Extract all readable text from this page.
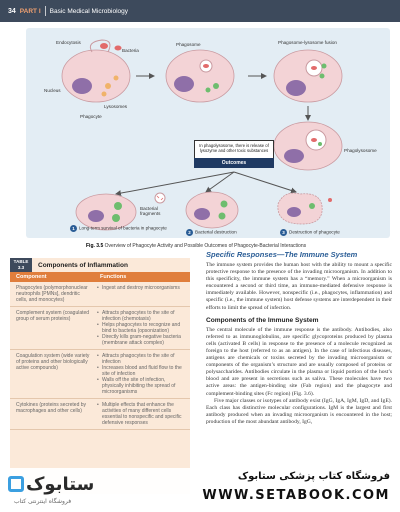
34 PART I Basic Medical Microbiology
Endocytosis
Bacteria
Phagosome	Phagosome-lysosome fusion
Nucleus
Lysosomes
Phagocyte
Phagolysosome
Bacterial
fragments
In phagolysosome, there is release of lysozyme and other toxic substances
Outcomes
1 Long-term survival of bacteria in phagocyte
2 Bacterial destruction	3 Destruction of phagocyte
Fig. 3.5 Overview of Phagocyte Activity and Possible Outcomes of Phagocyte-Bacterial Interactions
TABLE
3.3	Components of Inflammation
Component	Functions
Phagocytes (polymorphonuclear neutrophils [PMNs], dendritic cells, and monocytes)
• Ingest and destroy microorganisms
Complement system (coagulated group of serum proteins)
• Attracts phagocytes to the site of infection (chemotaxis)
• Helps phagocytes to recognize and bind to bacteria (opsonization)
• Directly kills gram-negative bacteria (membrane attack complex)
Coagulation system (wide variety of proteins and other biologically active compounds)
• Attracts phagocytes to the site of infection
• Increases blood and fluid flow to the site of infection
• Walls off the site of infection, physically inhibiting the spread of microorganisms
Cytokines (proteins secreted by macrophages and other cells)
• Multiple effects that enhance the activities of many different cells essential to nonspecific and specific defensive responses
Specific Responses—The Immune System

The immune system provides the human host with the ability to mount a specific protective response to the presence of the invading microorganism. In addition to this specificity, the immune system has a “memory.” When a microorganism is encountered a second or third time, an immune-mediated defensive response is immediately available. However, nonspecific (i.e., phagocytes, inflammation) and specific (i.e., the immune system) host defense systems are interdependent in their efforts to limit the spread of infection.

Components of the Immune System

The central molecule of the immune response is the antibody. Antibodies, also referred to as immunoglobulins, are specific glycoproteins produced by plasma cells (activated B cells) in response to the presence of a molecule recognized as foreign to the host (referred to as an antigen). In the case of infectious diseases, antigens are chemicals or toxins secreted by the invading microorganism or components of the organism’s structure and are usually composed of proteins or polysaccharides. Antibodies circulate in the plasma or liquid portion of the host’s blood and are present in secretions such as saliva. These molecules have two active areas: the antigen-binding site (Fab region) and the phagocyte and complement-binding sites (Fc region) (Fig. 3.6).

Five major classes or isotypes of antibody exist (IgG, IgA, IgM, IgD, and IgE). Each class has distinctive molecular configurations. IgM is the largest and first antibody produced when an invading microorganism is encountered in the host; production of the most abundant antibody, IgG,

ستابوک
فروشگاه اینترنتی کتاب
فروشگاه کتاب پزشکی ستابوک
WWW.SETABOOK.COM
